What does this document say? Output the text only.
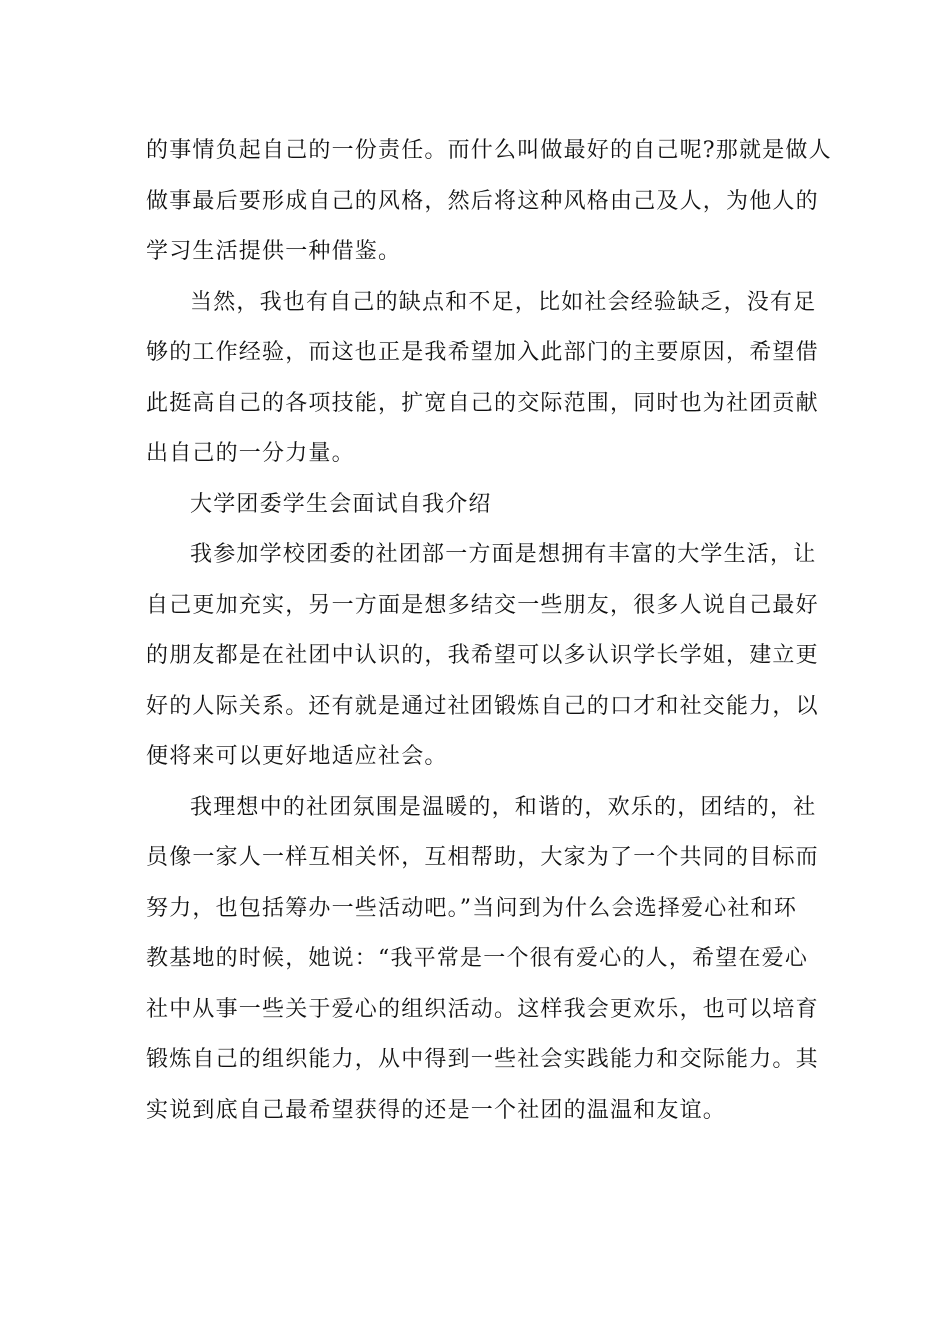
的事情负起自己的一份责任。而什么叫做最好的自己呢?那就是做人
做事最后要形成自己的风格，然后将这种风格由己及人，为他人的
学习生活提供一种借鉴。
当然，我也有自己的缺点和不足，比如社会经验缺乏，没有足
够的工作经验，而这也正是我希望加入此部门的主要原因，希望借
此挺高自己的各项技能，扩宽自己的交际范围，同时也为社团贡献
出自己的一分力量。
大学团委学生会面试自我介绍
我参加学校团委的社团部一方面是想拥有丰富的大学生活，让
自己更加充实，另一方面是想多结交一些朋友，很多人说自己最好
的朋友都是在社团中认识的，我希望可以多认识学长学姐，建立更
好的人际关系。还有就是通过社团锻炼自己的口才和社交能力，以
便将来可以更好地适应社会。
我理想中的社团氛围是温暖的，和谐的，欢乐的，团结的，社
员像一家人一样互相关怀，互相帮助，大家为了一个共同的目标而
努力，也包括筹办一些活动吧。”当问到为什么会选择爱心社和环
教基地的时候，她说：“我平常是一个很有爱心的人，希望在爱心
社中从事一些关于爱心的组织活动。这样我会更欢乐，也可以培育
锻炼自己的组织能力，从中得到一些社会实践能力和交际能力。其
实说到底自己最希望获得的还是一个社团的温温和友谊。
